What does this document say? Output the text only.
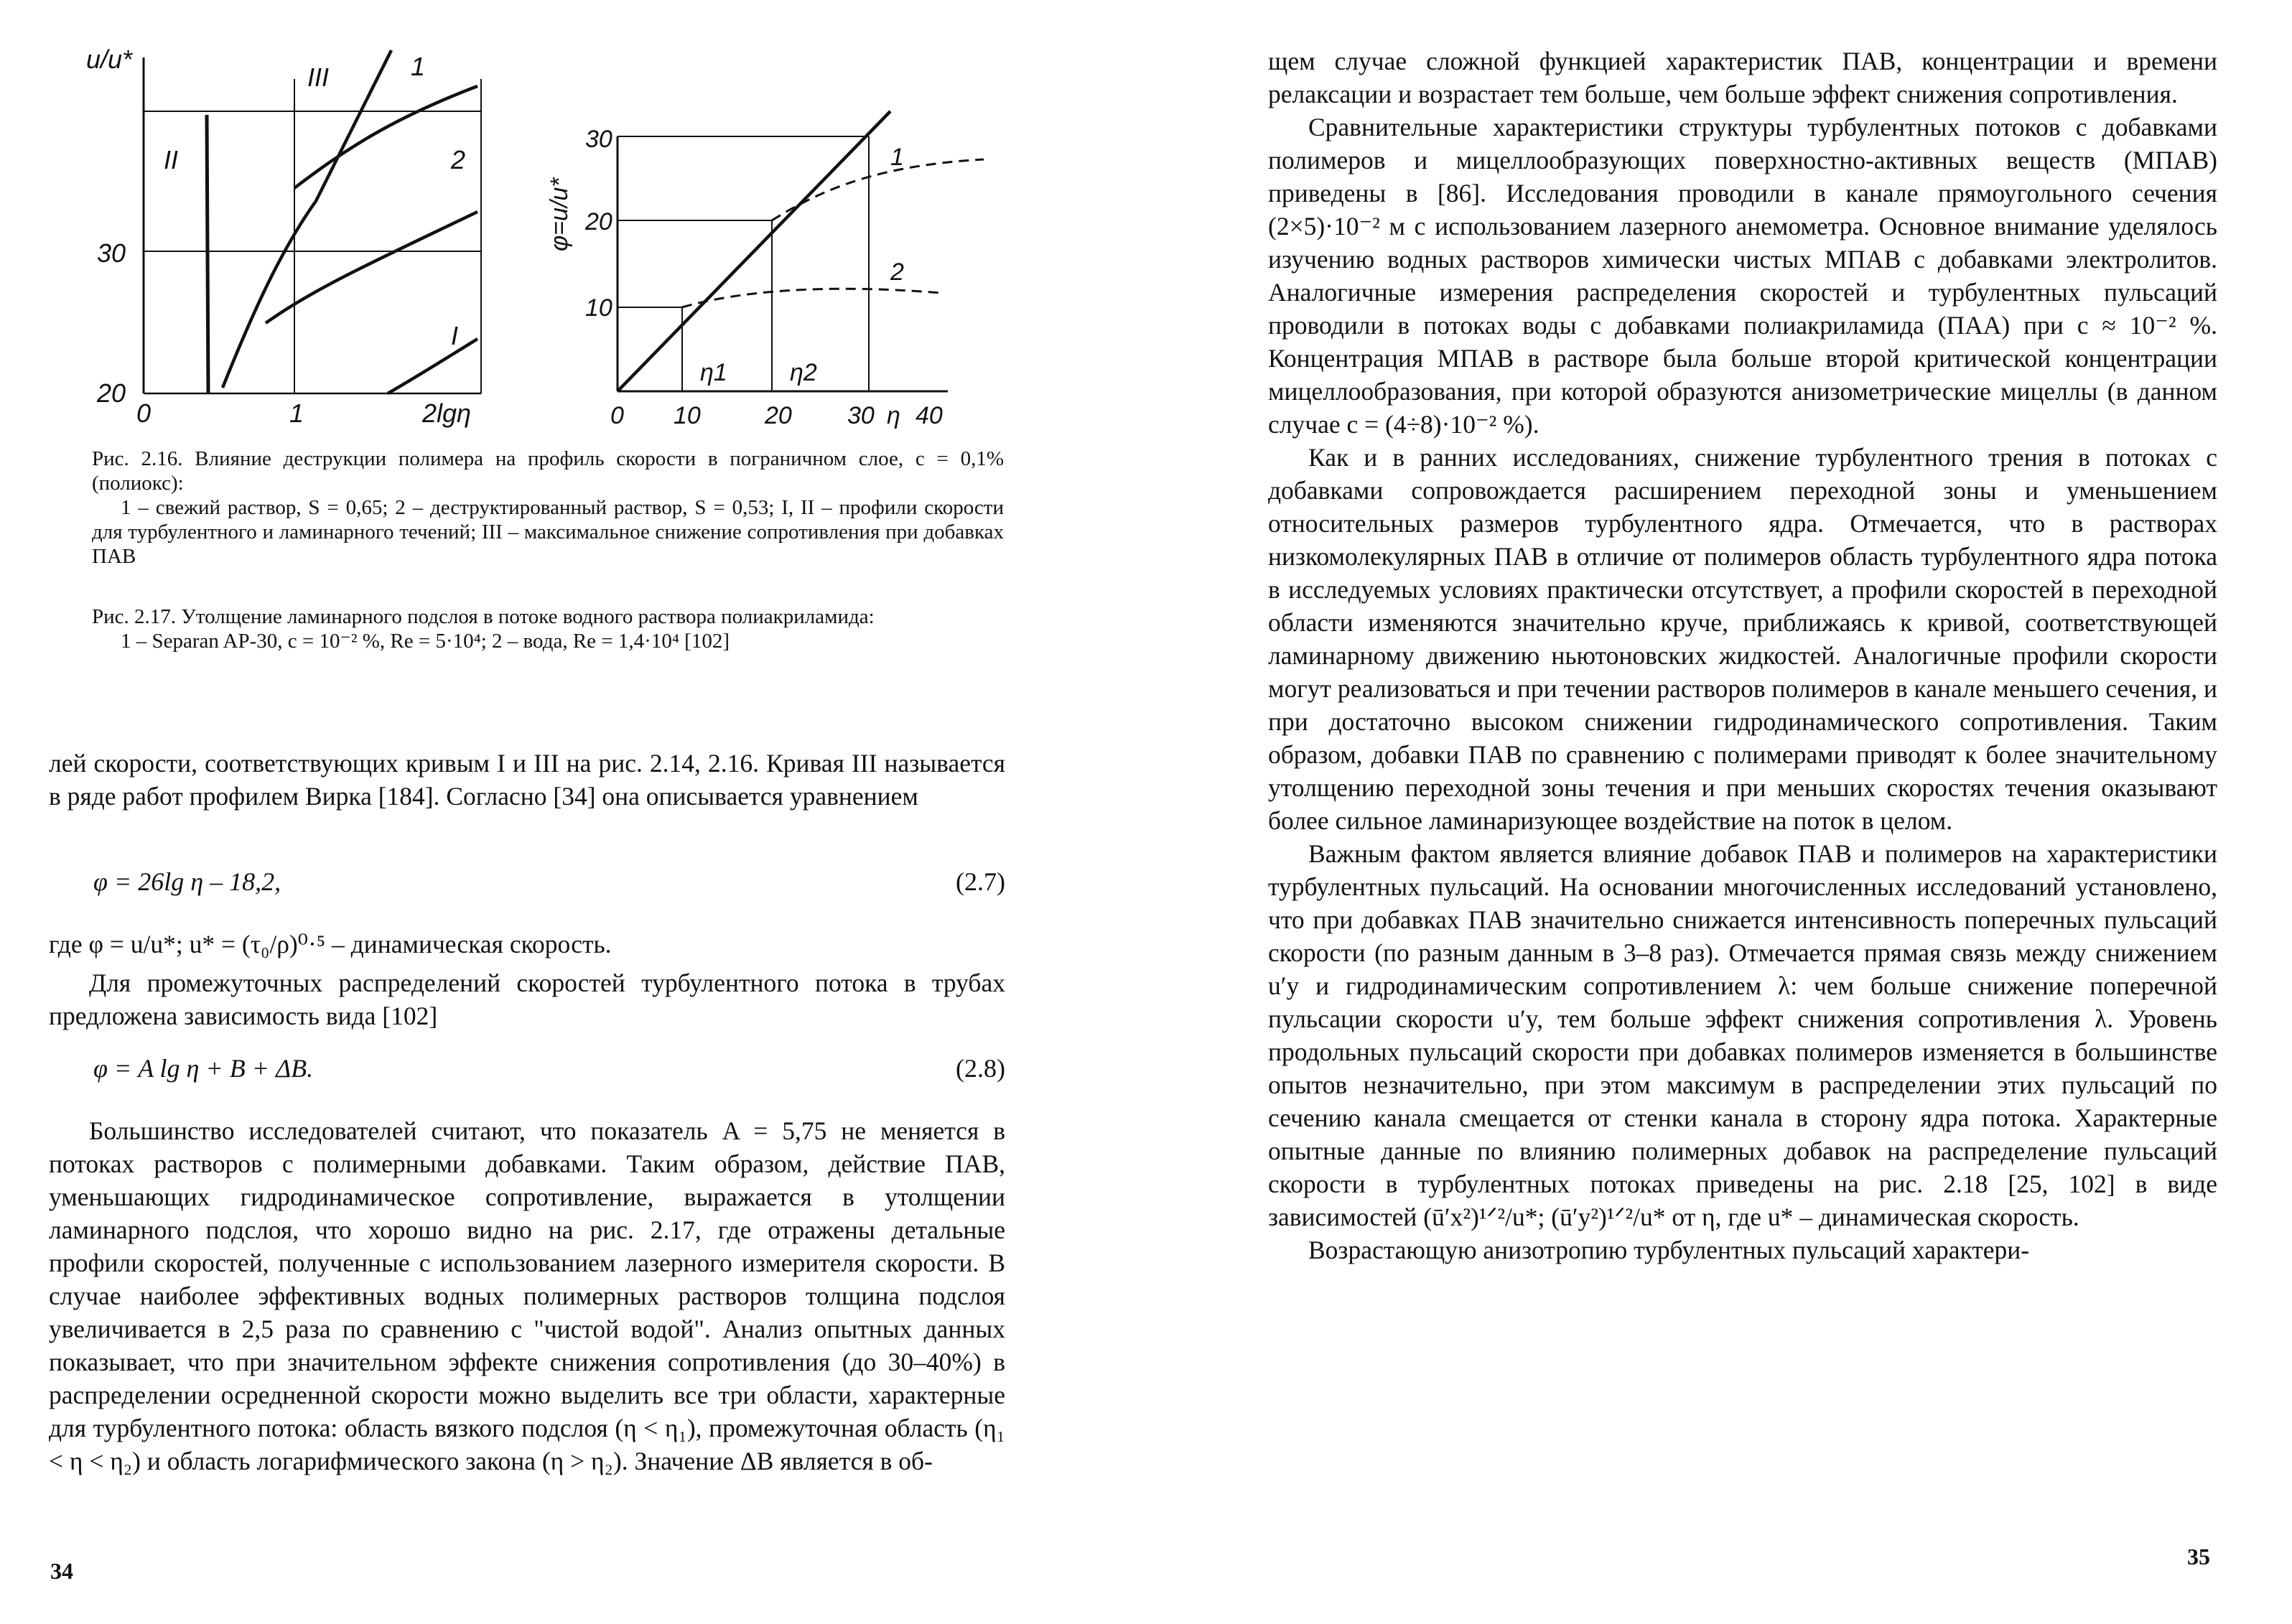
u/u*
30
20
0	1	2lgη
II
III	1
2
I
φ=u/u*
30
20
10
0 10	20 30 η 40
1
2
η1	η2

Рис. 2.16. Влияние деструкции полимера на профиль скорости в пограничном слое, c = 0,1% (полиокс):

1 – свежий раствор, S = 0,65; 2 – деструктированный раствор, S = 0,53; I, II – профили скорости для турбулентного и ламинарного течений; III – максимальное снижение сопротивления при добавках ПАВ

Рис. 2.17. Утолщение ламинарного подслоя в потоке водного раствора полиакриламида:

1 – Separan AP-30, c = 10⁻² %, Re = 5·10⁴; 2 – вода, Re = 1,4·10⁴ [102]

лей скорости, соответствующих кривым I и III на рис. 2.14, 2.16. Кривая III называется в ряде работ профилем Вирка [184]. Согласно [34] она описывается уравнением

φ = 26lg η – 18,2,	(2.7)

где φ = u/u*; u* = (τ₀/ρ)⁰·⁵ – динамическая скорость.

Для промежуточных распределений скоростей турбулентного потока в трубах предложена зависимость вида [102]

φ = A lg η + B + ΔB.	(2.8)

Большинство исследователей считают, что показатель A = 5,75 не меняется в потоках растворов с полимерными добавками. Таким образом, действие ПАВ, уменьшающих гидродинамическое сопротивление, выражается в утолщении ламинарного подслоя, что хорошо видно на рис. 2.17, где отражены детальные профили скоростей, полученные с использованием лазерного измерителя скорости. В случае наиболее эффективных водных полимерных растворов толщина подслоя увеличивается в 2,5 раза по сравнению с "чистой водой". Анализ опытных данных показывает, что при значительном эффекте снижения сопротивления (до 30–40%) в распределении осредненной скорости можно выделить все три области, характерные для турбулентного потока: область вязкого подслоя (η < η₁), промежуточная область (η₁ < η < η₂) и область логарифмического закона (η > η₂). Значение ΔB является в об-

34

щем случае сложной функцией характеристик ПАВ, концентрации и времени релаксации и возрастает тем больше, чем больше эффект снижения сопротивления.

Сравнительные характеристики структуры турбулентных потоков с добавками полимеров и мицеллообразующих поверхностно-активных веществ (МПАВ) приведены в [86]. Исследования проводили в канале прямоугольного сечения (2×5)·10⁻² м с использованием лазерного анемометра. Основное внимание уделялось изучению водных растворов химически чистых МПАВ с добавками электролитов. Аналогичные измерения распределения скоростей и турбулентных пульсаций проводили в потоках воды с добавками полиакриламида (ПАА) при c ≈ 10⁻² %. Концентрация МПАВ в растворе была больше второй критической концентрации мицеллообразования, при которой образуются анизометрические мицеллы (в данном случае c = (4÷8)·10⁻² %).

Как и в ранних исследованиях, снижение турбулентного трения в потоках с добавками сопровождается расширением переходной зоны и уменьшением относительных размеров турбулентного ядра. Отмечается, что в растворах низкомолекулярных ПАВ в отличие от полимеров область турбулентного ядра потока в исследуемых условиях практически отсутствует, а профили скоростей в переходной области изменяются значительно круче, приближаясь к кривой, соответствующей ламинарному движению ньютоновских жидкостей. Аналогичные профили скорости могут реализоваться и при течении растворов полимеров в канале меньшего сечения, и при достаточно высоком снижении гидродинамического сопротивления. Таким образом, добавки ПАВ по сравнению с полимерами приводят к более значительному утолщению переходной зоны течения и при меньших скоростях течения оказывают более сильное ламинаризующее воздействие на поток в целом.

Важным фактом является влияние добавок ПАВ и полимеров на характеристики турбулентных пульсаций. На основании многочисленных исследований установлено, что при добавках ПАВ значительно снижается интенсивность поперечных пульсаций скорости (по разным данным в 3–8 раз). Отмечается прямая связь между снижением u′y и гидродинамическим сопротивлением λ: чем больше снижение поперечной пульсации скорости u′y, тем больше эффект снижения сопротивления λ. Уровень продольных пульсаций скорости при добавках полимеров изменяется в большинстве опытов незначительно, при этом максимум в распределении этих пульсаций по сечению канала смещается от стенки канала в сторону ядра потока. Характерные опытные данные по влиянию полимерных добавок на распределение пульсаций скорости в турбулентных потоках приведены на рис. 2.18 [25, 102] в виде зависимостей (ū′x²)¹ᐟ²/u*; (ū′y²)¹ᐟ²/u* от η, где u* – динамическая скорость.

Возрастающую анизотропию турбулентных пульсаций характери-

35
